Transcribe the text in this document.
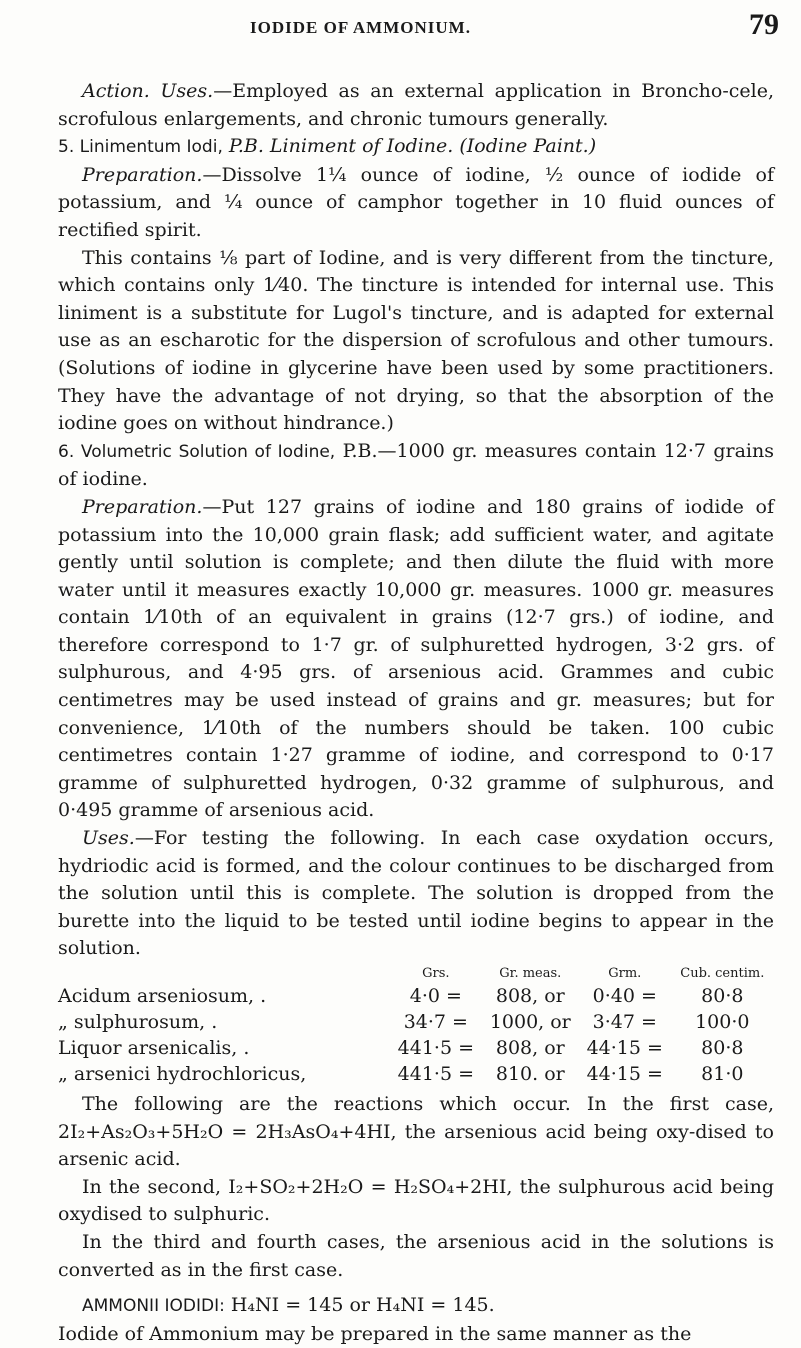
IODIDE OF AMMONIUM.	79

Action. Uses.—Employed as an external application in Broncho-cele, scrofulous enlargements, and chronic tumours generally.

5. Linimentum Iodi, P.B. Liniment of Iodine. (Iodine Paint.)

Preparation.—Dissolve 1¼ ounce of iodine, ½ ounce of iodide of potassium, and ¼ ounce of camphor together in 10 fluid ounces of rectified spirit.

This contains ⅛ part of Iodine, and is very different from the tincture, which contains only 1⁄40. The tincture is intended for internal use. This liniment is a substitute for Lugol's tincture, and is adapted for external use as an escharotic for the dispersion of scrofulous and other tumours. (Solutions of iodine in glycerine have been used by some practitioners. They have the advantage of not drying, so that the absorption of the iodine goes on without hindrance.)

6. Volumetric Solution of Iodine, P.B.—1000 gr. measures contain 12·7 grains of iodine.

Preparation.—Put 127 grains of iodine and 180 grains of iodide of potassium into the 10,000 grain flask; add sufficient water, and agitate gently until solution is complete; and then dilute the fluid with more water until it measures exactly 10,000 gr. measures. 1000 gr. measures contain 1⁄10th of an equivalent in grains (12·7 grs.) of iodine, and therefore correspond to 1·7 gr. of sulphuretted hydrogen, 3·2 grs. of sulphurous, and 4·95 grs. of arsenious acid. Grammes and cubic centimetres may be used instead of grains and gr. measures; but for convenience, 1⁄10th of the numbers should be taken. 100 cubic centimetres contain 1·27 gramme of iodine, and correspond to 0·17 gramme of sulphuretted hydrogen, 0·32 gramme of sulphurous, and 0·495 gramme of arsenious acid.

Uses.—For testing the following. In each case oxydation occurs, hydriodic acid is formed, and the colour continues to be discharged from the solution until this is complete. The solution is dropped from the burette into the liquid to be tested until iodine begins to appear in the solution.

	Grs.	Gr. meas.	Grm.	Cub. centim.
Acidum arseniosum, .	4·0 =	808, or	0·40 =	80·8
„ sulphurosum, .	34·7 =	1000, or	3·47 =	100·0
Liquor arsenicalis, .	441·5 =	808, or	44·15 =	80·8
„ arsenici hydrochloricus,	441·5 =	810. or	44·15 =	81·0

The following are the reactions which occur. In the first case, 2I₂+As₂O₃+5H₂O = 2H₃AsO₄+4HI, the arsenious acid being oxy-dised to arsenic acid.

In the second, I₂+SO₂+2H₂O = H₂SO₄+2HI, the sulphurous acid being oxydised to sulphuric.

In the third and fourth cases, the arsenious acid in the solutions is converted as in the first case.

AMMONII IODIDI: H₄NI = 145 or H₄NI = 145.

Iodide of Ammonium may be prepared in the same manner as the
